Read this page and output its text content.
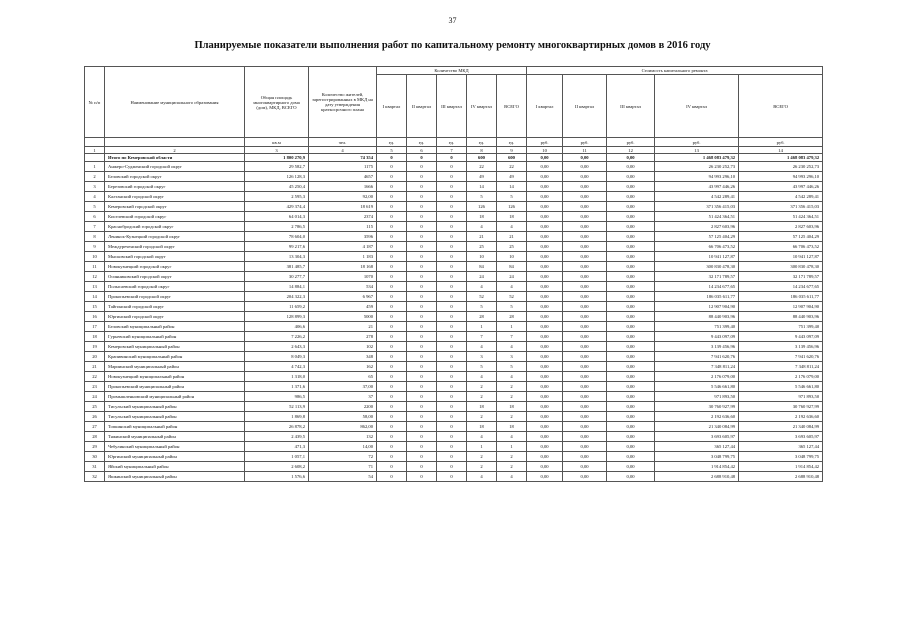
37
Планируемые показатели выполнения работ по капитальному ремонту многоквартирных домов в 2016 году
№ п/п	Наименование муниципального образования	Общая площадь многоквартирного дома (дом), МКД, ВСЕГО	Количество жителей, зарегистрированных в МКД на дату утверждения краткосрочного плана	Количество МКД					Стоимость капитального ремонта				
				I квартал	II квартал	III квартал	IV квартал	ВСЕГО	I квартал	II квартал	III квартал	IV квартал	ВСЕГО
		кв.м	чел.	ед.	ед.	ед.	ед.	ед.	руб.	руб.	руб.	руб.	руб.
1	2	3	4	5	6	7	8	9	10	11	12	13	14
	Итого по Кемеровской области	1 800 270,9	74 354	0	0	0	600	600	0,00	0,00	0,00	1 468 083 479,32	1 468 083 479,32
1	Анжеро-Судженский городской округ	29 582,7	1175	0	0	0	22	22	0,00	0,00	0,00	26 230 252,73	26 230 252,73
2	Беловский городской округ	126 128,3	4657	0	0	0	49	49	0,00	0,00	0,00	94 993 296,10	94 993 296,10
3	Березовский городской округ	45 250,4	1666	0	0	0	14	14	0,00	0,00	0,00	43 997 446,26	43 997 446,26
4	Калтанский городской округ	2 595,3	92,00	0	0	0	5	5	0,00	0,00	0,00	4 542 289,41	4 542 289,41
5	Кемеровский городской округ	429 374,4	18 619	0	0	0	126	126	0,00	0,00	0,00	371 356 415,03	371 356 415,03
6	Киселевский городской округ	64 014,3	2374	0	0	0	18	18	0,00	0,00	0,00	51 424 364,51	51 424 364,51
7	Краснобродский городской округ	2 786,5	115	0	0	0	4	4	0,00	0,00	0,00	2 827 603,96	2 827 603,96
8	Ленинск-Кузнецкий городской округ	78 604,0	3596	0	0	0	21	21	0,00	0,00	0,00	57 125 404,29	57 125 404,29
9	Междуреченский городской округ	99 217,6	4 187	0	0	0	25	25	0,00	0,00	0,00	66 706 473,52	66 706 473,52
10	Мысковский городской округ	13 304,3	1 183	0	0	0	10	10	0,00	0,00	0,00	10 941 127,87	10 941 127,87
11	Новокузнецкий городской округ	381 485,7	18 168	0	0	0	84	84	0,00	0,00	0,00	300 830 478,30	300 830 478,30
12	Осинниковский городской округ	30 277,7	1070	0	0	0	24	24	0,00	0,00	0,00	32 171 789,57	32 171 789,57
13	Полысаевский городской округ	14 884,1	534	0	0	0	4	4	0,00	0,00	0,00	14 234 677,65	14 234 677,65
14	Прокопьевский городской округ	204 322,3	6 967	0	0	0	52	52	0,00	0,00	0,00	186 035 611,77	186 035 611,77
15	Тайгинский городской округ	11 659,2	459	0	0	0	5	5	0,00	0,00	0,00	12 907 904,90	12 907 904,90
16	Юргинский городской округ	128 899,3	5000	0	0	0	28	28	0,00	0,00	0,00	88 440 903,96	88 440 903,96
17	Беловский муниципальный район	406,6	21	0	0	0	1	1	0,00	0,00	0,00	751 399,40	751 399,40
18	Гурьевский муниципальный район	7 226,2	278	0	0	0	7	7	0,00	0,00	0,00	9 443 097,09	9 443 097,09
19	Кемеровский муниципальный район	2 643,3	102	0	0	0	4	4	0,00	0,00	0,00	3 139 456,96	3 139 456,96
20	Крапивинский муниципальный район	8 049,3	348	0	0	0	3	3	0,00	0,00	0,00	7 941 620,76	7 941 620,76
21	Мариинский муниципальный район	4 742,3	162	0	0	0	5	5	0,00	0,00	0,00	7 348 811,24	7 348 811,24
22	Новокузнецкий муниципальный район	1 318,0	65	0	0	0	4	4	0,00	0,00	0,00	2 176 079,00	2 176 079,00
23	Прокопьевский муниципальный район	1 371,6	37,00	0	0	0	2	2	0,00	0,00	0,00	5 546 661,80	5 546 661,80
24	Промышленновский муниципальный район	986,5	37	0	0	0	2	2	0,00	0,00	0,00	971 893,50	971 893,50
25	Тисульский муниципальный район	52 113,9	2200	0	0	0	18	18	0,00	0,00	0,00	30 760 927,99	30 760 927,99
26	Тисульский муниципальный район	1 869,8	58,00	0	0	0	2	2	0,00	0,00	0,00	2 192 636,60	2 192 636,60
27	Топкинский муниципальный район	26 878,2	862,00	0	0	0	18	18	0,00	0,00	0,00	21 340 084,99	21 340 084,99
28	Тяжинский муниципальный район	2 439,5	132	0	0	0	4	4	0,00	0,00	0,00	3 693 605,97	3 693 605,97
29	Чебулинский муниципальный район	471,3	14,00	0	0	0	1	1	0,00	0,00	0,00	365 127,44	365 127,44
30	Юргинский муниципальный район	1 057,1	72	0	0	0	2	2	0,00	0,00	0,00	3 048 799,75	3 048 799,75
31	Яйский муниципальный район	2 608,2	71	0	0	0	2	2	0,00	0,00	0,00	1 914 854,42	1 914 854,42
32	Яшкинский муниципальный район	1 576,6	54	0	0	0	4	4	0,00	0,00	0,00	2 688 910,48	2 688 910,48
